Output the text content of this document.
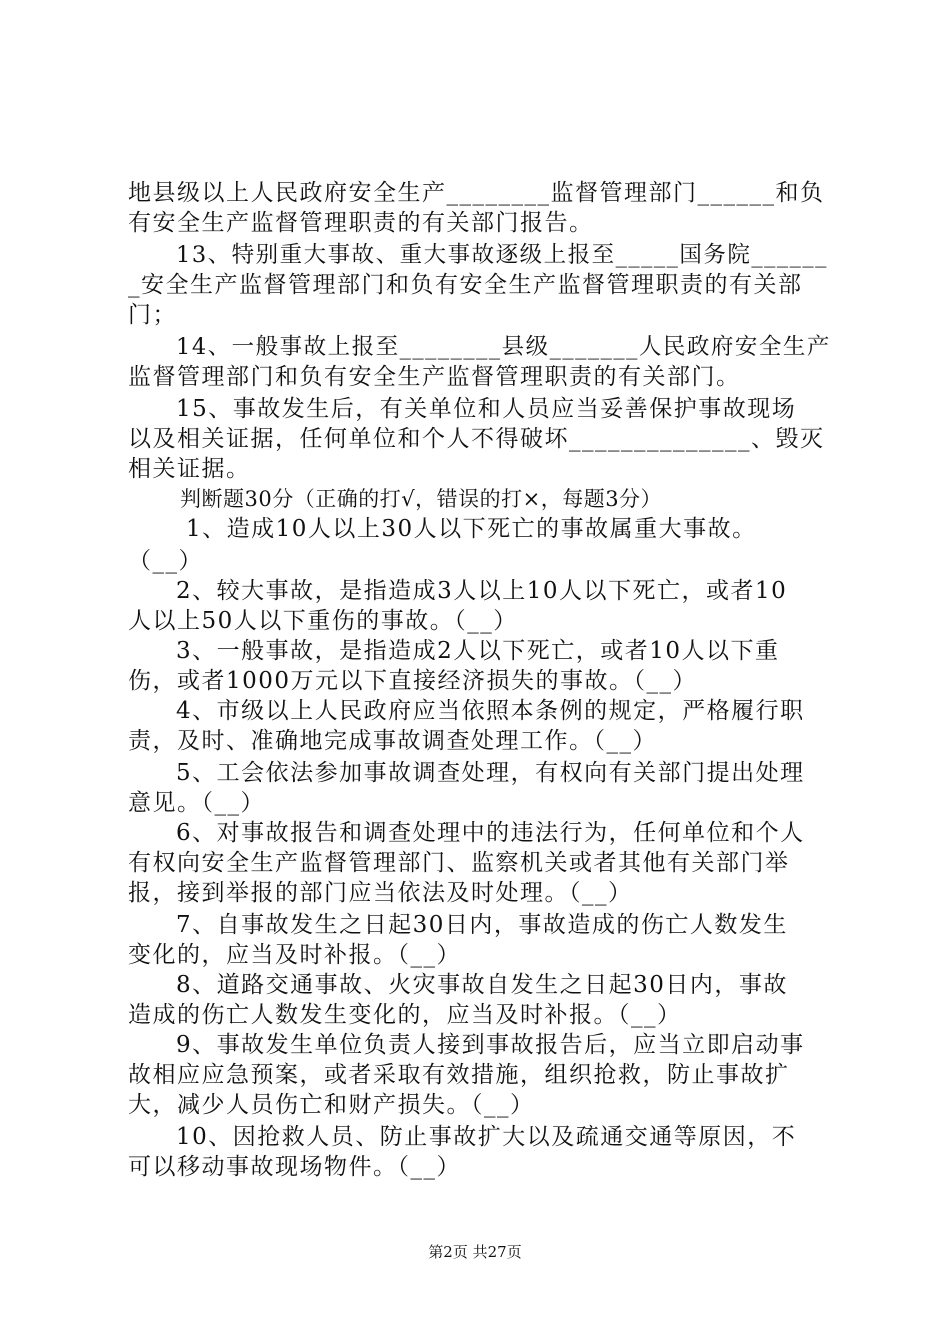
地县级以上人民政府安全生产________监督管理部门______和负
有安全生产监督管理职责的有关部门报告。
13、特别重大事故、重大事故逐级上报至_____国务院______
_安全生产监督管理部门和负有安全生产监督管理职责的有关部
门；
14、一般事故上报至________县级_______人民政府安全生产
监督管理部门和负有安全生产监督管理职责的有关部门。
15、事故发生后，有关单位和人员应当妥善保护事故现场
以及相关证据，任何单位和个人不得破坏______________、毁灭
相关证据。
判断题30分（正确的打√，错误的打×，每题3分）
1、造成10人以上30人以下死亡的事故属重大事故。
（__）
2、较大事故，是指造成3人以上10人以下死亡，或者10
人以上50人以下重伤的事故。（__）
3、一般事故，是指造成2人以下死亡，或者10人以下重
伤，或者1000万元以下直接经济损失的事故。（__）
4、市级以上人民政府应当依照本条例的规定，严格履行职
责，及时、准确地完成事故调查处理工作。（__）
5、工会依法参加事故调查处理，有权向有关部门提出处理
意见。（__）
6、对事故报告和调查处理中的违法行为，任何单位和个人
有权向安全生产监督管理部门、监察机关或者其他有关部门举
报，接到举报的部门应当依法及时处理。（__）
7、自事故发生之日起30日内，事故造成的伤亡人数发生
变化的，应当及时补报。（__）
8、道路交通事故、火灾事故自发生之日起30日内，事故
造成的伤亡人数发生变化的，应当及时补报。（__）
9、事故发生单位负责人接到事故报告后，应当立即启动事
故相应应急预案，或者采取有效措施，组织抢救，防止事故扩
大，减少人员伤亡和财产损失。（__）
10、因抢救人员、防止事故扩大以及疏通交通等原因，不
可以移动事故现场物件。（__）
第2页 共27页
